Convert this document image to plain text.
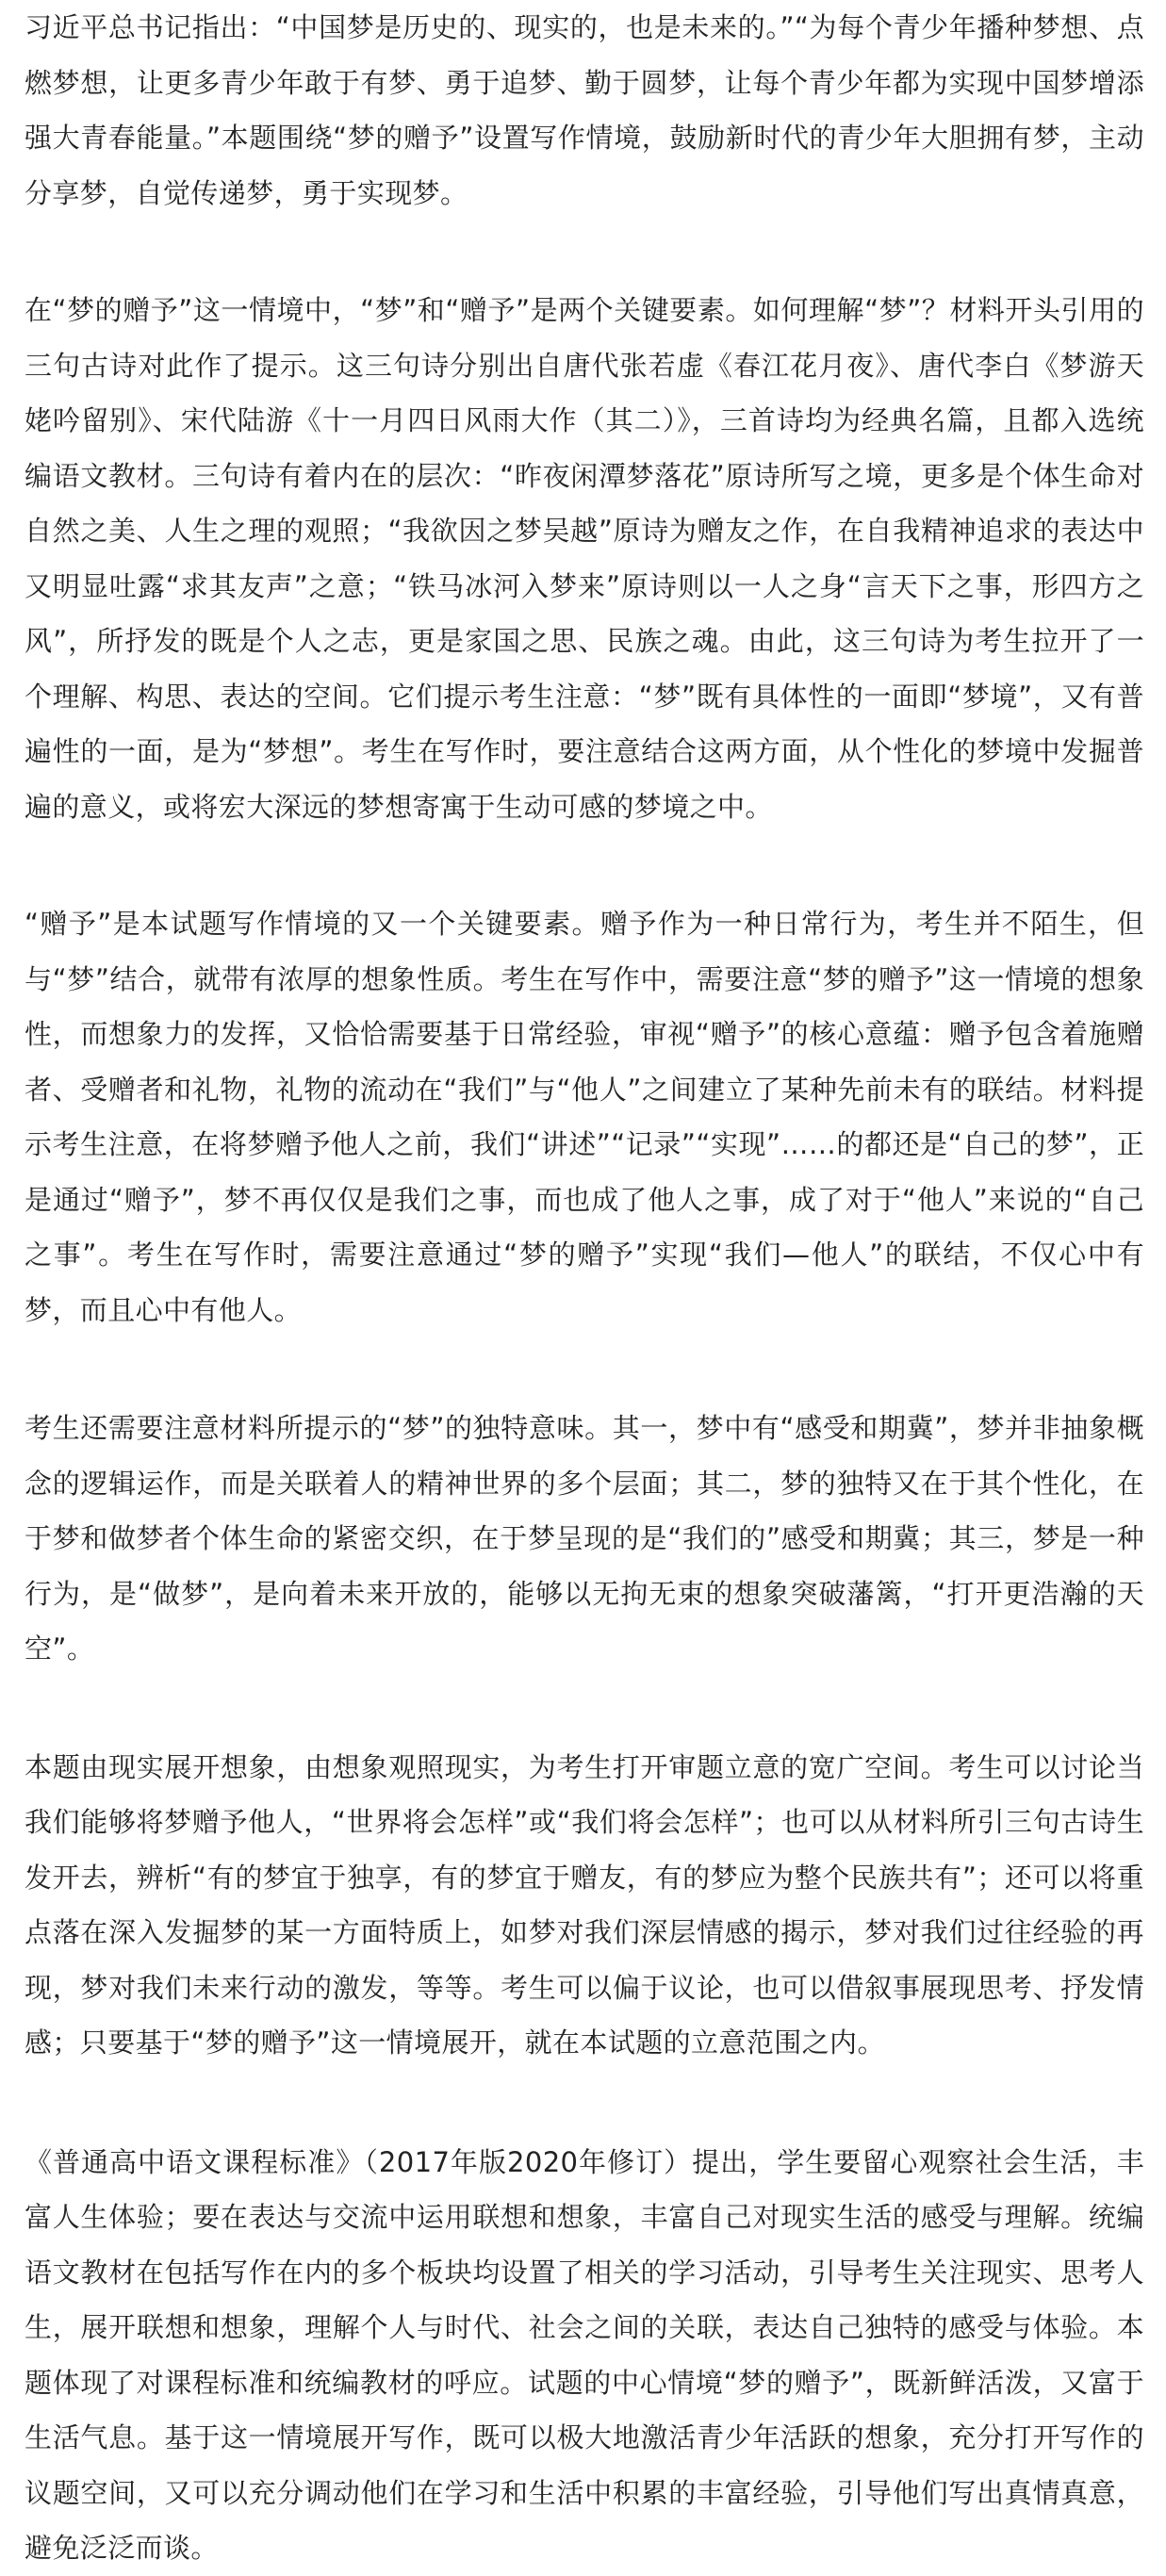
习近平总书记指出：“中国梦是历史的、现实的，也是未来的。”“为每个青少年播种梦想、点燃梦想，让更多青少年敢于有梦、勇于追梦、勤于圆梦，让每个青少年都为实现中国梦增添强大青春能量。”本题围绕“梦的赠予”设置写作情境，鼓励新时代的青少年大胆拥有梦，主动分享梦，自觉传递梦，勇于实现梦。

在“梦的赠予”这一情境中，“梦”和“赠予”是两个关键要素。如何理解“梦”？材料开头引用的三句古诗对此作了提示。这三句诗分别出自唐代张若虚《春江花月夜》、唐代李白《梦游天姥吟留别》、宋代陆游《十一月四日风雨大作（其二）》，三首诗均为经典名篇，且都入选统编语文教材。三句诗有着内在的层次：“昨夜闲潭梦落花”原诗所写之境，更多是个体生命对自然之美、人生之理的观照；“我欲因之梦吴越”原诗为赠友之作，在自我精神追求的表达中又明显吐露“求其友声”之意；“铁马冰河入梦来”原诗则以一人之身“言天下之事，形四方之风”，所抒发的既是个人之志，更是家国之思、民族之魂。由此，这三句诗为考生拉开了一个理解、构思、表达的空间。它们提示考生注意：“梦”既有具体性的一面即“梦境”，又有普遍性的一面，是为“梦想”。考生在写作时，要注意结合这两方面，从个性化的梦境中发掘普遍的意义，或将宏大深远的梦想寄寓于生动可感的梦境之中。

“赠予”是本试题写作情境的又一个关键要素。赠予作为一种日常行为，考生并不陌生，但与“梦”结合，就带有浓厚的想象性质。考生在写作中，需要注意“梦的赠予”这一情境的想象性，而想象力的发挥，又恰恰需要基于日常经验，审视“赠予”的核心意蕴：赠予包含着施赠者、受赠者和礼物，礼物的流动在“我们”与“他人”之间建立了某种先前未有的联结。材料提示考生注意，在将梦赠予他人之前，我们“讲述”“记录”“实现”……的都还是“自己的梦”，正是通过“赠予”，梦不再仅仅是我们之事，而也成了他人之事，成了对于“他人”来说的“自己之事”。考生在写作时，需要注意通过“梦的赠予”实现“我们—他人”的联结，不仅心中有梦，而且心中有他人。

考生还需要注意材料所提示的“梦”的独特意味。其一，梦中有“感受和期冀”，梦并非抽象概念的逻辑运作，而是关联着人的精神世界的多个层面；其二，梦的独特又在于其个性化，在于梦和做梦者个体生命的紧密交织，在于梦呈现的是“我们的”感受和期冀；其三，梦是一种行为，是“做梦”，是向着未来开放的，能够以无拘无束的想象突破藩篱，“打开更浩瀚的天空”。

本题由现实展开想象，由想象观照现实，为考生打开审题立意的宽广空间。考生可以讨论当我们能够将梦赠予他人，“世界将会怎样”或“我们将会怎样”；也可以从材料所引三句古诗生发开去，辨析“有的梦宜于独享，有的梦宜于赠友，有的梦应为整个民族共有”；还可以将重点落在深入发掘梦的某一方面特质上，如梦对我们深层情感的揭示，梦对我们过往经验的再现，梦对我们未来行动的激发，等等。考生可以偏于议论，也可以借叙事展现思考、抒发情感；只要基于“梦的赠予”这一情境展开，就在本试题的立意范围之内。

《普通高中语文课程标准》（2017年版2020年修订）提出，学生要留心观察社会生活，丰富人生体验；要在表达与交流中运用联想和想象，丰富自己对现实生活的感受与理解。统编语文教材在包括写作在内的多个板块均设置了相关的学习活动，引导考生关注现实、思考人生，展开联想和想象，理解个人与时代、社会之间的关联，表达自己独特的感受与体验。本题体现了对课程标准和统编教材的呼应。试题的中心情境“梦的赠予”，既新鲜活泼，又富于生活气息。基于这一情境展开写作，既可以极大地激活青少年活跃的想象，充分打开写作的议题空间，又可以充分调动他们在学习和生活中积累的丰富经验，引导他们写出真情真意，避免泛泛而谈。
